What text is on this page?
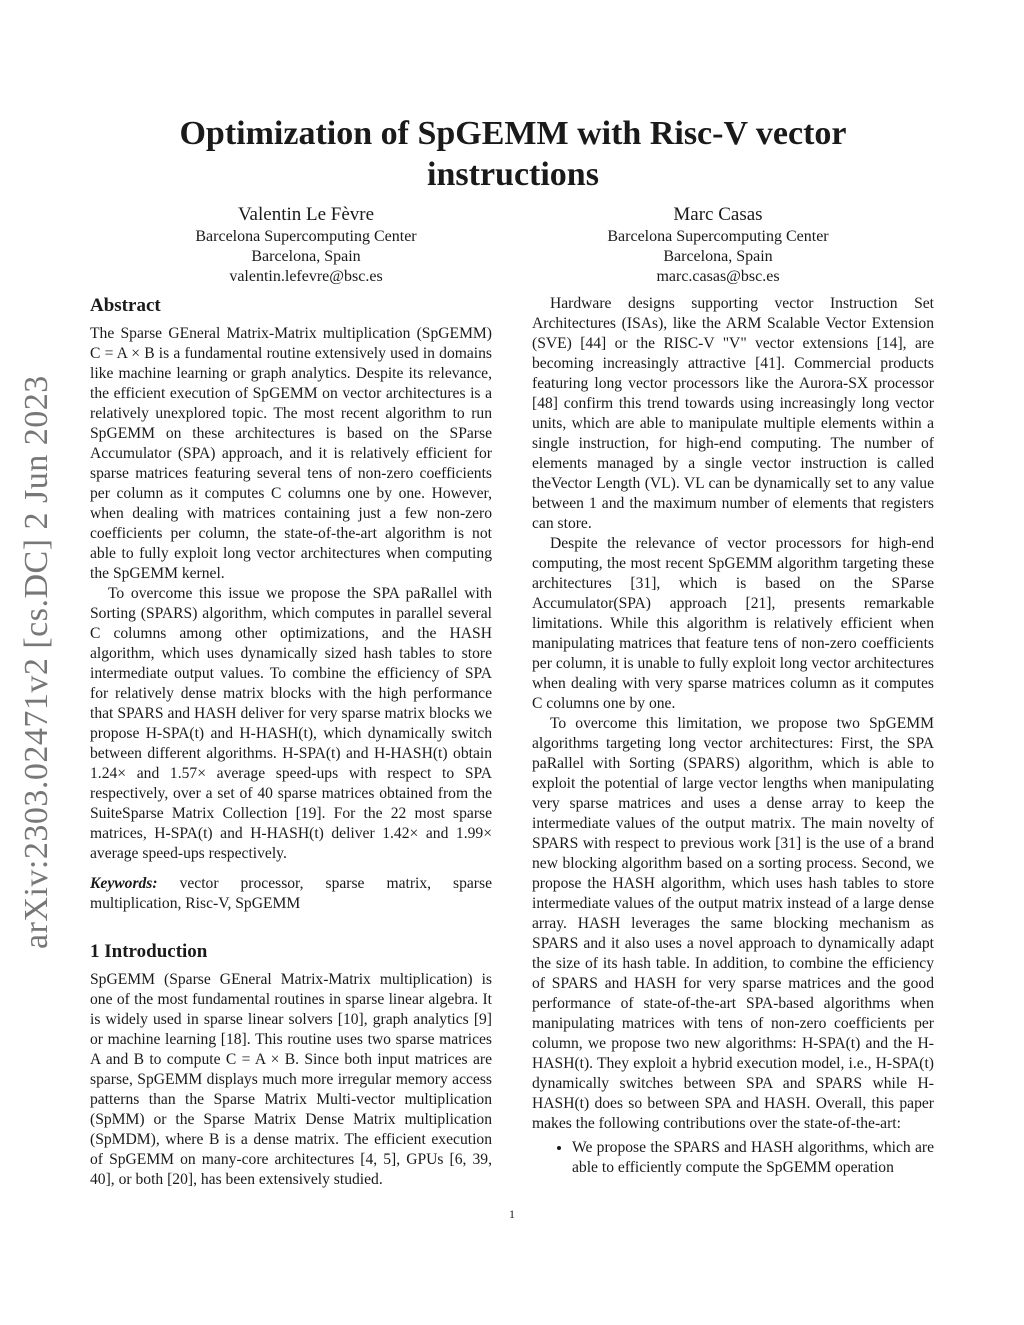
arXiv:2303.02471v2 [cs.DC] 2 Jun 2023
Optimization of SpGEMM with Risc-V vector instructions
Valentin Le Fèvre
Barcelona Supercomputing Center
Barcelona, Spain
valentin.lefevre@bsc.es
Marc Casas
Barcelona Supercomputing Center
Barcelona, Spain
marc.casas@bsc.es
Abstract

The Sparse GEneral Matrix-Matrix multiplication (SpGEMM) C = A × B is a fundamental routine extensively used in domains like machine learning or graph analytics. Despite its relevance, the efficient execution of SpGEMM on vector architectures is a relatively unexplored topic. The most recent algorithm to run SpGEMM on these architectures is based on the SParse Accumulator (SPA) approach, and it is relatively efficient for sparse matrices featuring several tens of non-zero coefficients per column as it computes C columns one by one. However, when dealing with matrices containing just a few non-zero coefficients per column, the state-of-the-art algorithm is not able to fully exploit long vector architectures when computing the SpGEMM kernel.

To overcome this issue we propose the SPA paRallel with Sorting (SPARS) algorithm, which computes in parallel several C columns among other optimizations, and the HASH algorithm, which uses dynamically sized hash tables to store intermediate output values. To combine the efficiency of SPA for relatively dense matrix blocks with the high performance that SPARS and HASH deliver for very sparse matrix blocks we propose H-SPA(t) and H-HASH(t), which dynamically switch between different algorithms. H-SPA(t) and H-HASH(t) obtain 1.24× and 1.57× average speed-ups with respect to SPA respectively, over a set of 40 sparse matrices obtained from the SuiteSparse Matrix Collection [19]. For the 22 most sparse matrices, H-SPA(t) and H-HASH(t) deliver 1.42× and 1.99× average speed-ups respectively.

Keywords: vector processor, sparse matrix, sparse multiplication, Risc-V, SpGEMM

1 Introduction

SpGEMM (Sparse GEneral Matrix-Matrix multiplication) is one of the most fundamental routines in sparse linear algebra. It is widely used in sparse linear solvers [10], graph analytics [9] or machine learning [18]. This routine uses two sparse matrices A and B to compute C = A × B. Since both input matrices are sparse, SpGEMM displays much more irregular memory access patterns than the Sparse Matrix Multi-vector multiplication (SpMM) or the Sparse Matrix Dense Matrix multiplication (SpMDM), where B is a dense matrix. The efficient execution of SpGEMM on many-core architectures [4, 5], GPUs [6, 39, 40], or both [20], has been extensively studied.

Hardware designs supporting vector Instruction Set Architectures (ISAs), like the ARM Scalable Vector Extension (SVE) [44] or the RISC-V "V" vector extensions [14], are becoming increasingly attractive [41]. Commercial products featuring long vector processors like the Aurora-SX processor [48] confirm this trend towards using increasingly long vector units, which are able to manipulate multiple elements within a single instruction, for high-end computing. The number of elements managed by a single vector instruction is called theVector Length (VL). VL can be dynamically set to any value between 1 and the maximum number of elements that registers can store.

Despite the relevance of vector processors for high-end computing, the most recent SpGEMM algorithm targeting these architectures [31], which is based on the SParse Accumulator(SPA) approach [21], presents remarkable limitations. While this algorithm is relatively efficient when manipulating matrices that feature tens of non-zero coefficients per column, it is unable to fully exploit long vector architectures when dealing with very sparse matrices column as it computes C columns one by one.

To overcome this limitation, we propose two SpGEMM algorithms targeting long vector architectures: First, the SPA paRallel with Sorting (SPARS) algorithm, which is able to exploit the potential of large vector lengths when manipulating very sparse matrices and uses a dense array to keep the intermediate values of the output matrix. The main novelty of SPARS with respect to previous work [31] is the use of a brand new blocking algorithm based on a sorting process. Second, we propose the HASH algorithm, which uses hash tables to store intermediate values of the output matrix instead of a large dense array. HASH leverages the same blocking mechanism as SPARS and it also uses a novel approach to dynamically adapt the size of its hash table. In addition, to combine the efficiency of SPARS and HASH for very sparse matrices and the good performance of state-of-the-art SPA-based algorithms when manipulating matrices with tens of non-zero coefficients per column, we propose two new algorithms: H-SPA(t) and the H-HASH(t). They exploit a hybrid execution model, i.e., H-SPA(t) dynamically switches between SPA and SPARS while H-HASH(t) does so between SPA and HASH. Overall, this paper makes the following contributions over the state-of-the-art:

• We propose the SPARS and HASH algorithms, which are able to efficiently compute the SpGEMM operation
1
